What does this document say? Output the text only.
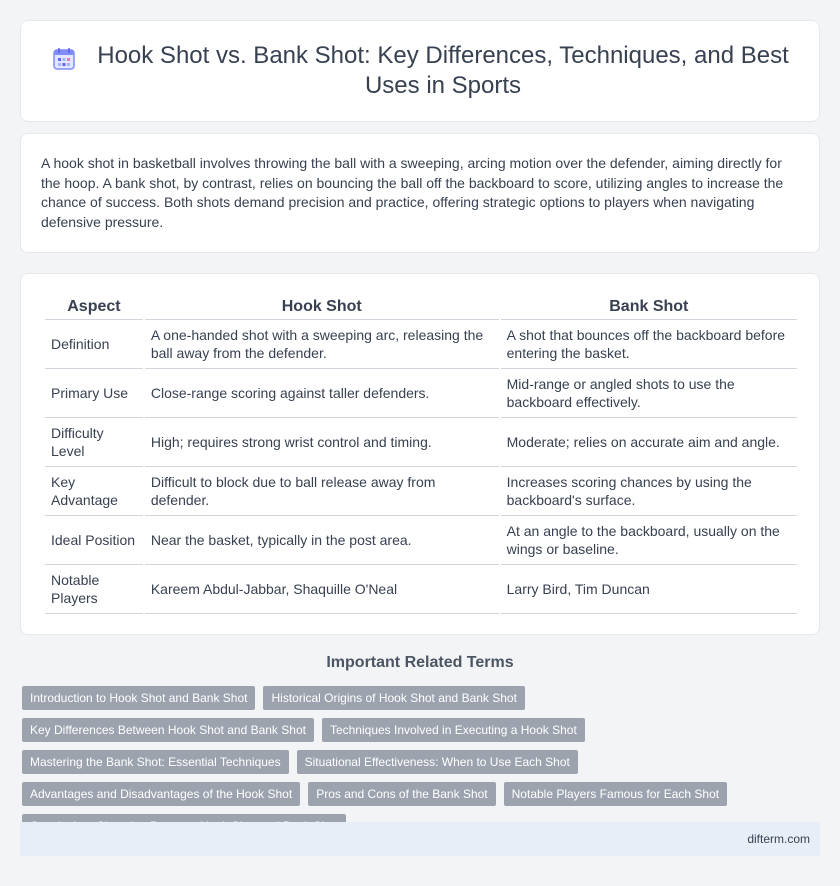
Hook Shot vs. Bank Shot: Key Differences, Techniques, and Best Uses in Sports

A hook shot in basketball involves throwing the ball with a sweeping, arcing motion over the defender, aiming directly for the hoop. A bank shot, by contrast, relies on bouncing the ball off the backboard to score, utilizing angles to increase the chance of success. Both shots demand precision and practice, offering strategic options to players when navigating defensive pressure.

Aspect	Hook Shot	Bank Shot
Definition	A one-handed shot with a sweeping arc, releasing the ball away from the defender.	A shot that bounces off the backboard before entering the basket.
Primary Use	Close-range scoring against taller defenders.	Mid-range or angled shots to use the backboard effectively.
Difficulty Level	High; requires strong wrist control and timing.	Moderate; relies on accurate aim and angle.
Key Advantage	Difficult to block due to ball release away from defender.	Increases scoring chances by using the backboard's surface.
Ideal Position	Near the basket, typically in the post area.	At an angle to the backboard, usually on the wings or baseline.
Notable Players	Kareem Abdul-Jabbar, Shaquille O'Neal	Larry Bird, Tim Duncan
Important Related Terms
Introduction to Hook Shot and Bank Shot	Historical Origins of Hook Shot and Bank Shot
Key Differences Between Hook Shot and Bank Shot	Techniques Involved in Executing a Hook Shot
Mastering the Bank Shot: Essential Techniques	Situational Effectiveness: When to Use Each Shot
Advantages and Disadvantages of the Hook Shot	Pros and Cons of the Bank Shot	Notable Players Famous for Each Shot
difterm.com
